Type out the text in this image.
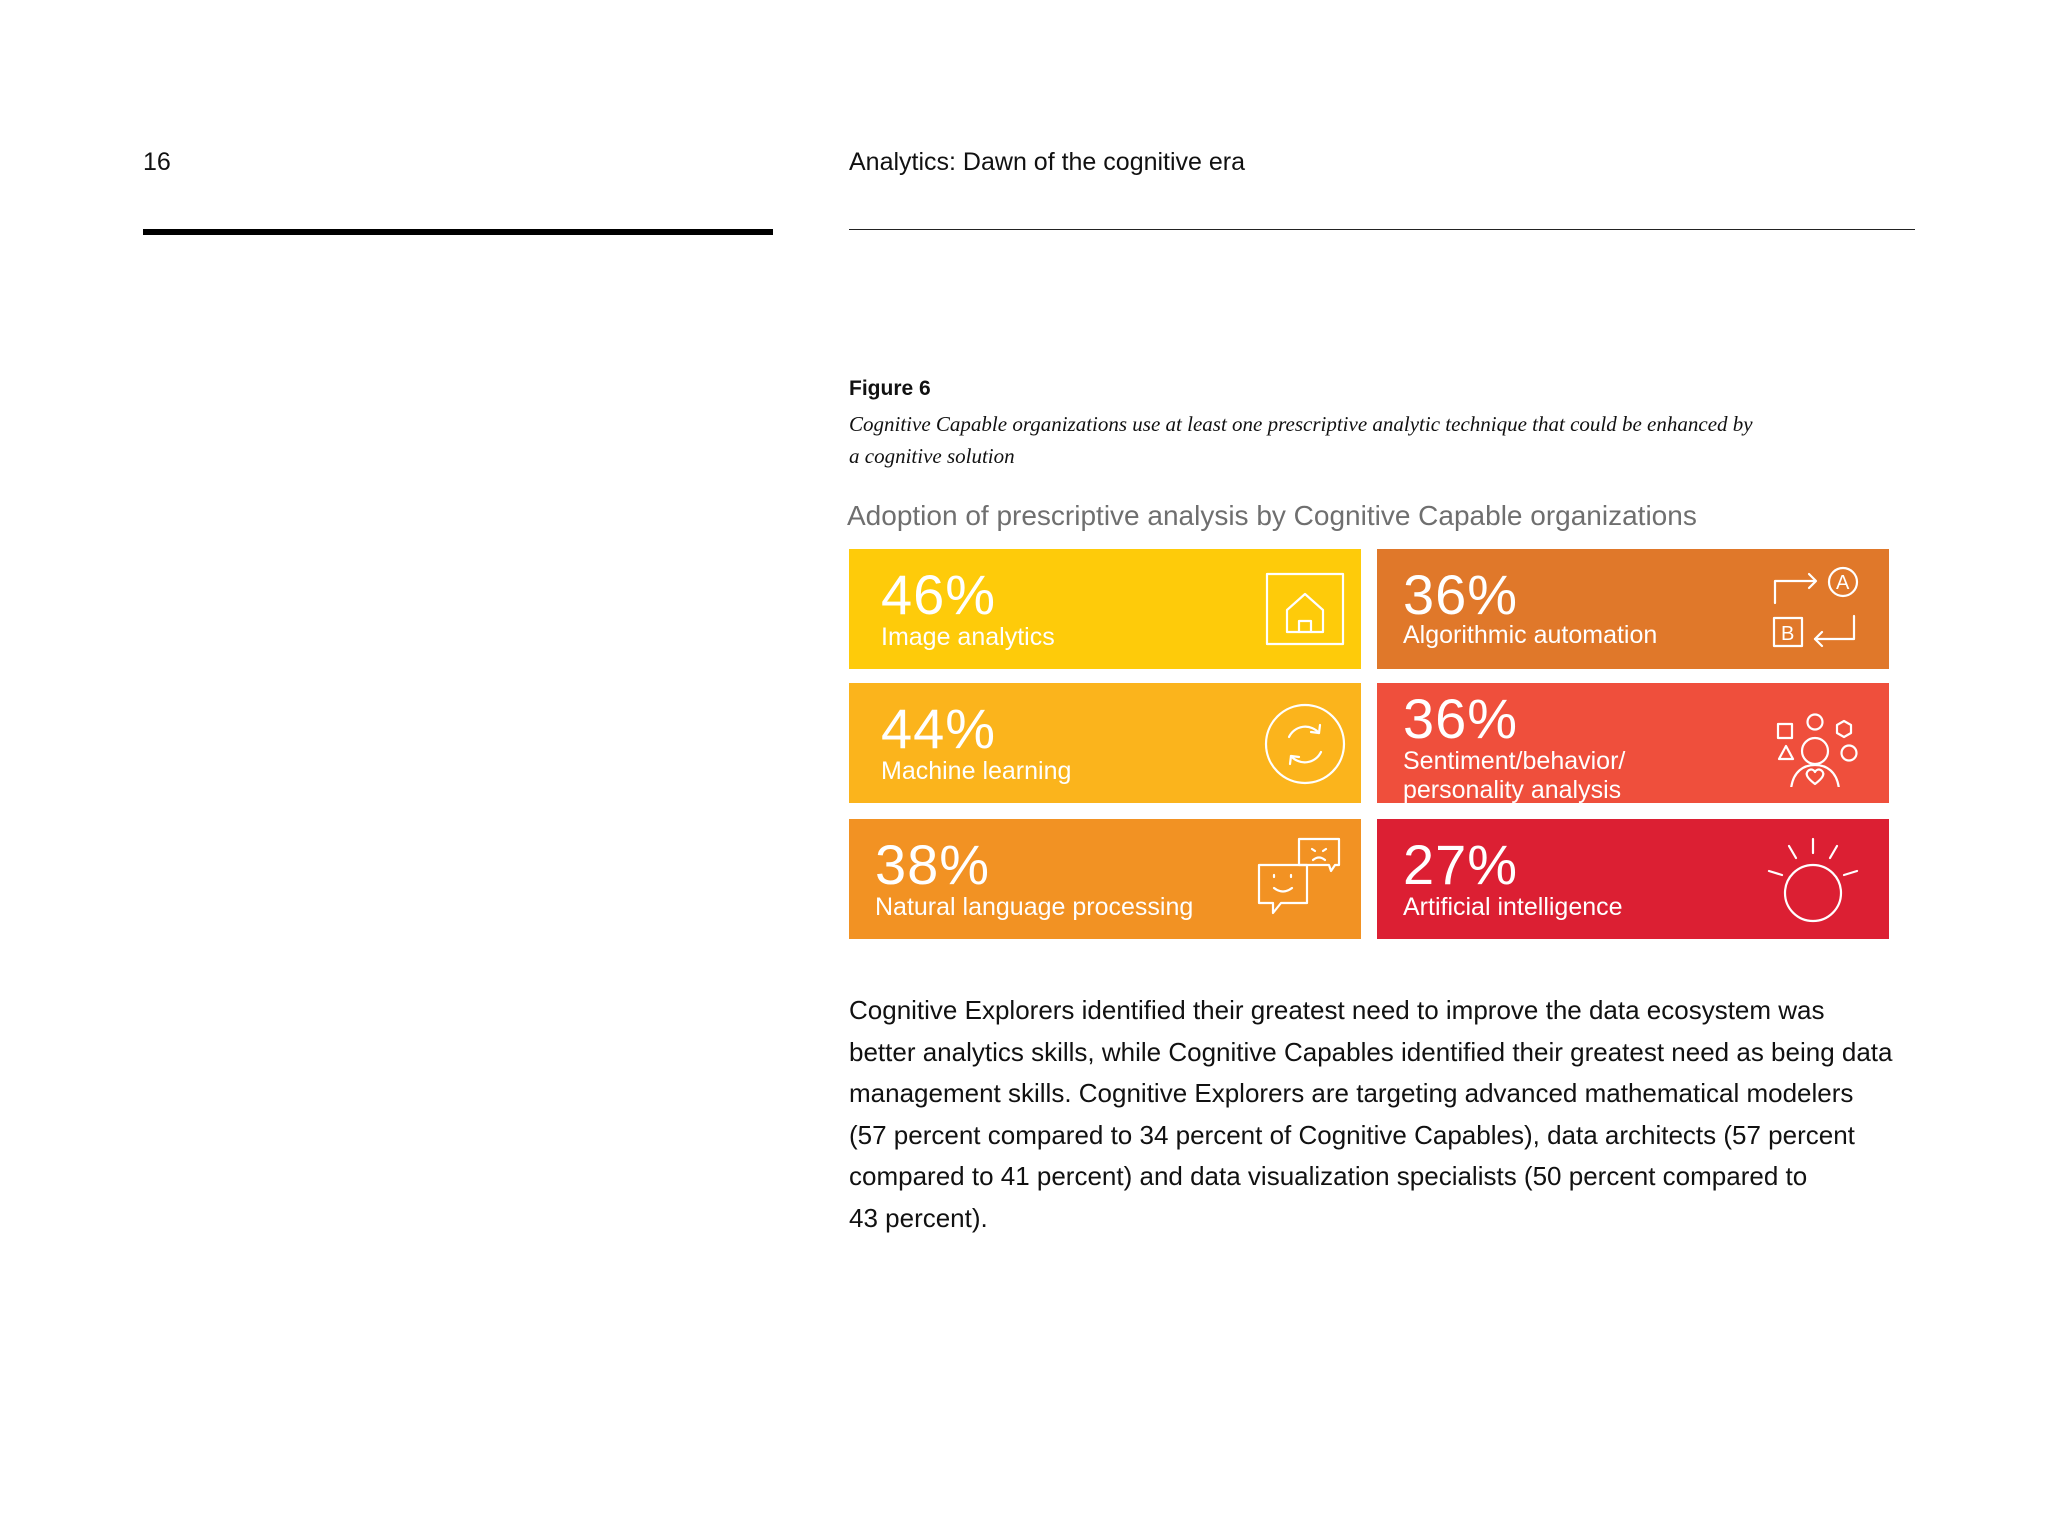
16	Analytics: Dawn of the cognitive era
Figure 6
Cognitive Capable organizations use at least one prescriptive analytic technique that could be enhanced by
a cognitive solution
Adoption of prescriptive analysis by Cognitive Capable organizations
46%
Image analytics
44%
Machine learning
38%
Natural language processing
36%
Algorithmic automation
A
B
36%
Sentiment/behavior/
personality analysis
27%
Artificial intelligence
Cognitive Explorers identified their greatest need to improve the data ecosystem was
better analytics skills, while Cognitive Capables identified their greatest need as being data
management skills. Cognitive Explorers are targeting advanced mathematical modelers
(57 percent compared to 34 percent of Cognitive Capables), data architects (57 percent
compared to 41 percent) and data visualization specialists (50 percent compared to
43 percent).
